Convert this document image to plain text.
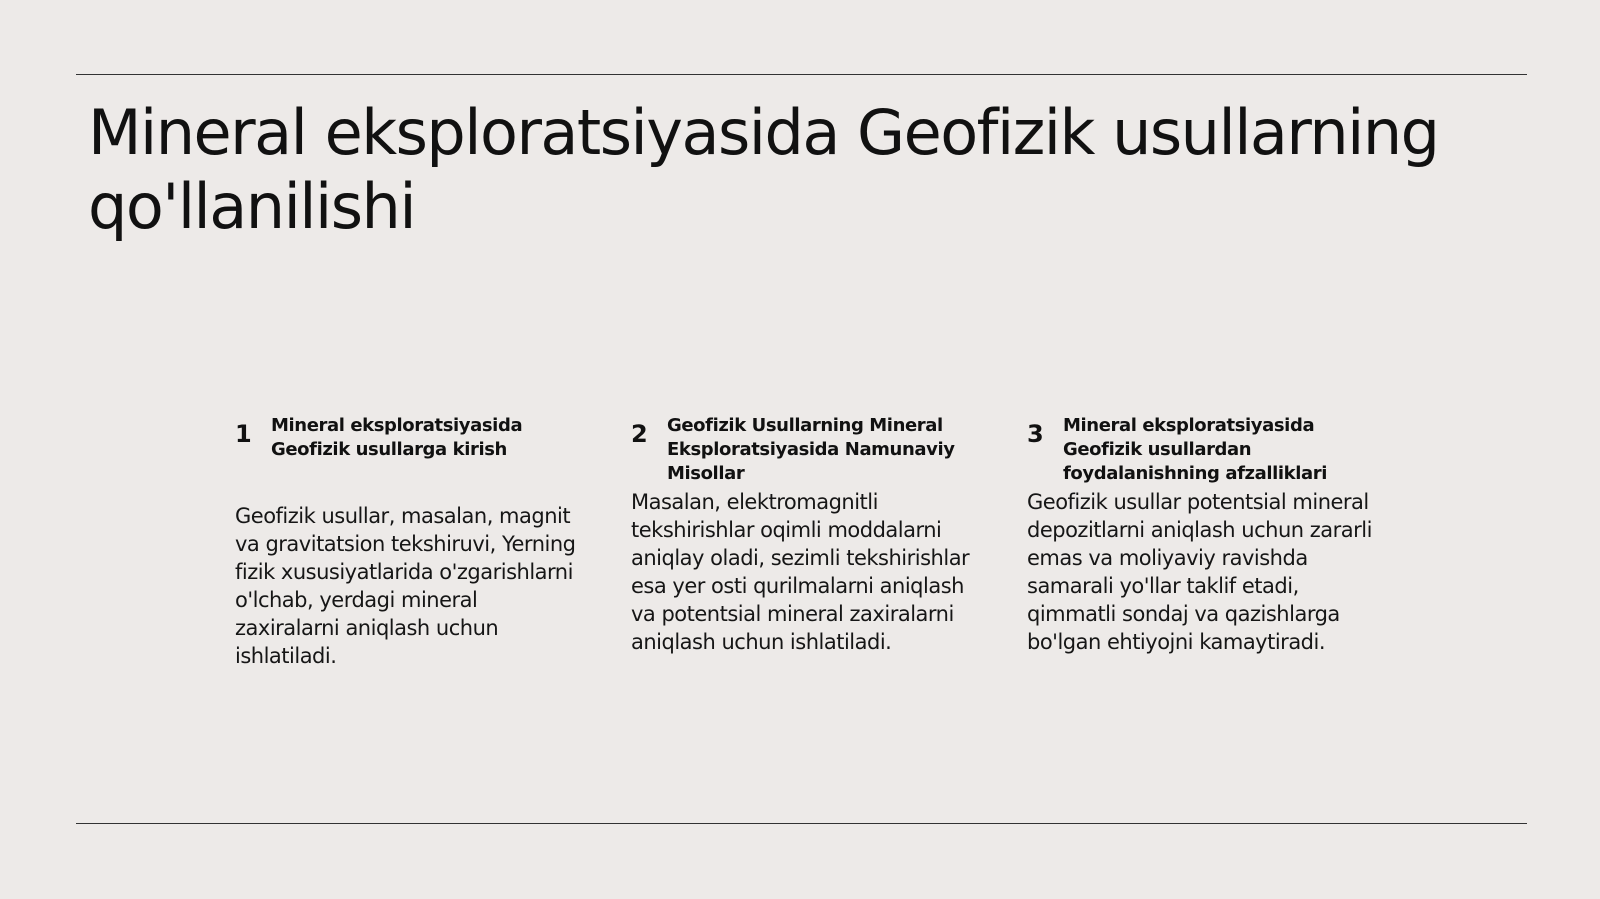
Mineral eksploratsiyasida Geofizik usullarning qo'llanilishi
1	Mineral eksploratsiyasida Geofizik usullarga kirish
Geofizik usullar, masalan, magnit va gravitatsion tekshiruvi, Yerning fizik xususiyatlarida o'zgarishlarni o'lchab, yerdagi mineral zaxiralarni aniqlash uchun ishlatiladi.
2	Geofizik Usullarning Mineral Eksploratsiyasida Namunaviy Misollar
Masalan, elektromagnitli tekshirishlar oqimli moddalarni aniqlay oladi, sezimli tekshirishlar esa yer osti qurilmalarni aniqlash va potentsial mineral zaxiralarni aniqlash uchun ishlatiladi.
3	Mineral eksploratsiyasida Geofizik usullardan foydalanishning afzalliklari
Geofizik usullar potentsial mineral depozitlarni aniqlash uchun zararli emas va moliyaviy ravishda samarali yo'llar taklif etadi, qimmatli sondaj va qazishlarga bo'lgan ehtiyojni kamaytiradi.
